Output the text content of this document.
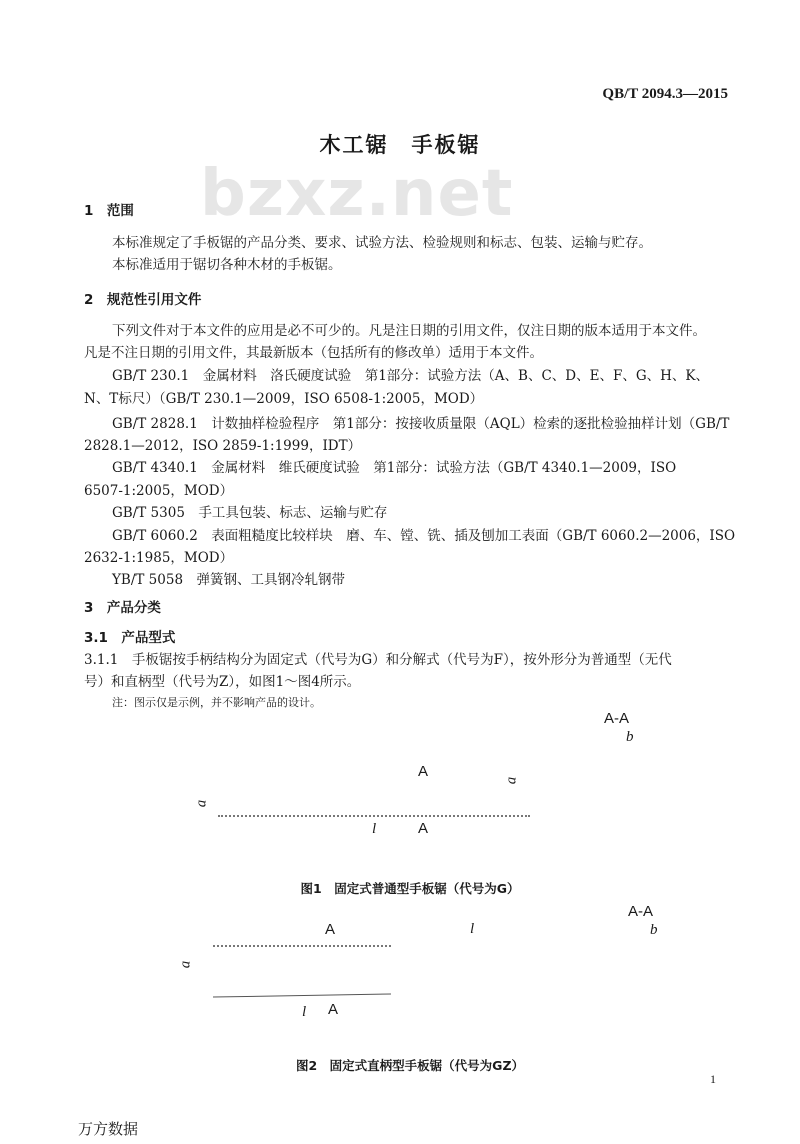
QB/T 2094.3—2015
bzxz.net
木工锯　手板锯
1　范围
本标准规定了手板锯的产品分类、要求、试验方法、检验规则和标志、包装、运输与贮存。
本标准适用于锯切各种木材的手板锯。
2　规范性引用文件
下列文件对于本文件的应用是必不可少的。凡是注日期的引用文件，仅注日期的版本适用于本文件。
凡是不注日期的引用文件，其最新版本（包括所有的修改单）适用于本文件。
GB/T 230.1　金属材料　洛氏硬度试验　第1部分：试验方法（A、B、C、D、E、F、G、H、K、
N、T标尺）（GB/T 230.1—2009，ISO 6508-1:2005，MOD）
GB/T 2828.1　计数抽样检验程序　第1部分：按接收质量限（AQL）检索的逐批检验抽样计划（GB/T
2828.1—2012，ISO 2859-1:1999，IDT）
GB/T 4340.1　金属材料　维氏硬度试验　第1部分：试验方法（GB/T 4340.1—2009，ISO
6507-1:2005，MOD）
GB/T 5305　手工具包装、标志、运输与贮存
GB/T 6060.2　表面粗糙度比较样块　磨、车、镗、铣、插及刨加工表面（GB/T 6060.2—2006，ISO
2632-1:1985，MOD）
YB/T 5058　弹簧钢、工具钢冷轧钢带
3　产品分类
3.1　产品型式
3.1.1　手板锯按手柄结构分为固定式（代号为G）和分解式（代号为F），按外形分为普通型（无代
号）和直柄型（代号为Z），如图1～图4所示。
注：图示仅是示例，并不影响产品的设计。
A-A
b
A
a
a
l	A
图1　固定式普通型手板锯（代号为G）
A-A
A	l	b
a
l A
图2　固定式直柄型手板锯（代号为GZ）
1
万方数据
